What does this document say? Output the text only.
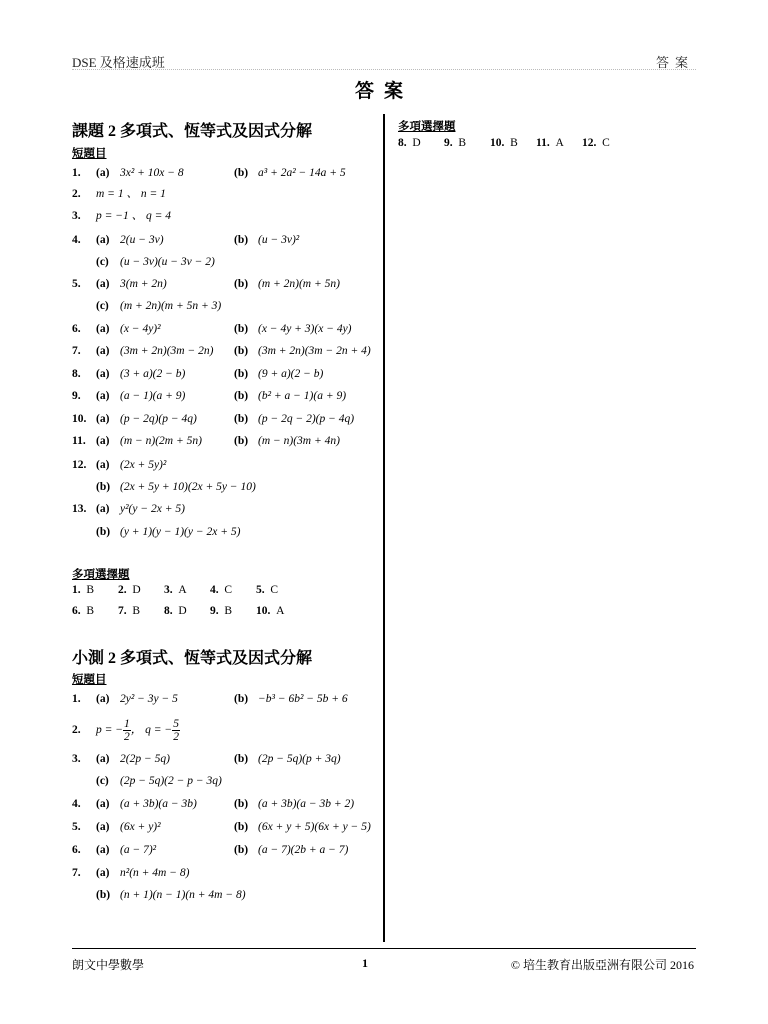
DSE 及格速成班	答案
答案
課題 2 多項式、恆等式及因式分解
短題目
1. (a) 3x² + 10x − 8	(b) a³ + 2a² − 14a + 5
2. m = 1 、 n = 1
3. p = −1 、 q = 4
4. (a) 2(u − 3v)	(b) (u − 3v)²
(c) (u − 3v)(u − 3v − 2)
5. (a) 3(m + 2n)	(b) (m + 2n)(m + 5n)
(c) (m + 2n)(m + 5n + 3)
6. (a) (x − 4y)²	(b) (x − 4y + 3)(x − 4y)
7. (a) (3m + 2n)(3m − 2n) (b) (3m + 2n)(3m − 2n + 4)
8. (a) (3 + a)(2 − b)	(b) (9 + a)(2 − b)
9. (a) (a − 1)(a + 9)	(b) (b² + a − 1)(a + 9)
10. (a) (p − 2q)(p − 4q)	(b) (p − 2q − 2)(p − 4q)
11. (a) (m − n)(2m + 5n)	(b) (m − n)(3m + 4n)
12. (a) (2x + 5y)²
(b) (2x + 5y + 10)(2x + 5y − 10)
13. (a) y²(y − 2x + 5)
(b) (y + 1)(y − 1)(y − 2x + 5)
多項選擇題
1.  B 2.  D 3.  A 4.  C 5.  C
6.  B 7.  B 8.  D 9.  B 10.  A
小測 2 多項式、恆等式及因式分解
短題目
1. (a) 2y² − 3y − 5	(b) −b³ − 6b² − 5b + 6
2. p = − $\frac{1}{2}$ ， q = − $\frac{5}{2}$
3. (a) 2(2p − 5q)	(b) (2p − 5q)(p + 3q)
(c) (2p − 5q)(2 − p − 3q)
4. (a) (a + 3b)(a − 3b)	(b) (a + 3b)(a − 3b + 2)
5. (a) (6x + y)²	(b) (6x + y + 5)(6x + y − 5)
6. (a) (a − 7)²	(b) (a − 7)(2b + a − 7)
7. (a) n²(n + 4m − 8)
(b) (n + 1)(n − 1)(n + 4m − 8)
多項選擇題
8.  D 9.  B 10.  B 11.  A 12.  C
朗文中學數學	1	© 培生教育出版亞洲有限公司 2016
